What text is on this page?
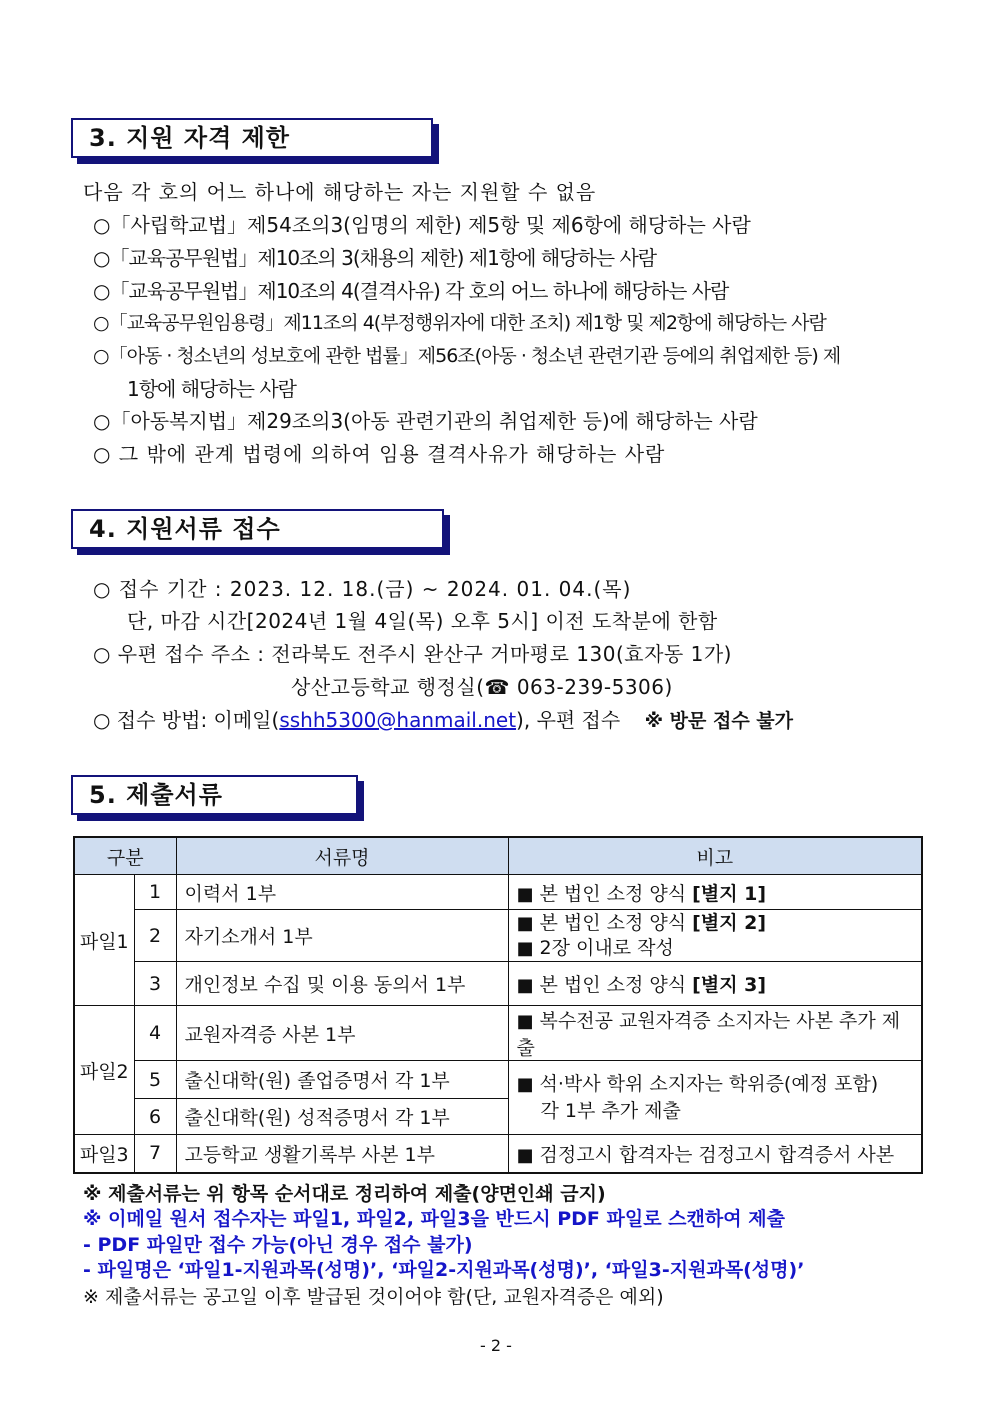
3. 지원 자격 제한
다음 각 호의 어느 하나에 해당하는 자는 지원할 수 없음
○「사립학교법」제54조의3(임명의 제한) 제5항 및 제6항에 해당하는 사람
○「교육공무원법」제10조의 3(채용의 제한) 제1항에 해당하는 사람
○「교육공무원법」제10조의 4(결격사유) 각 호의 어느 하나에 해당하는 사람
○「교육공무원임용령」제11조의 4(부정행위자에 대한 조치) 제1항 및 제2항에 해당하는 사람
○「아동 · 청소년의 성보호에 관한 법률」제56조(아동 · 청소년 관련기관 등에의 취업제한 등) 제
1항에 해당하는 사람
○「아동복지법」제29조의3(아동 관련기관의 취업제한 등)에 해당하는 사람
○ 그 밖에 관계 법령에 의하여 임용 결격사유가 해당하는 사람
4. 지원서류 접수
○ 접수 기간 : 2023. 12. 18.(금) ~ 2024. 01. 04.(목)
단, 마감 시간[2024년 1월 4일(목) 오후 5시] 이전 도착분에 한함
○ 우편 접수 주소 : 전라북도 전주시 완산구 거마평로 130(효자동 1가)
상산고등학교 행정실(☎ 063-239-5306)
○ 접수 방법: 이메일(sshh5300@hanmail.net), 우편 접수 ※ 방문 접수 불가
5. 제출서류
구분		서류명	비고
파일1	1	이력서 1부	■ 본 법인 소정 양식 [별지 1]
	2	자기소개서 1부	■ 본 법인 소정 양식 [별지 2]
■ 2장 이내로 작성
	3	개인정보 수집 및 이용 동의서 1부	■ 본 법인 소정 양식 [별지 3]
파일2	4	교원자격증 사본 1부	■ 복수전공 교원자격증 소지자는 사본 추가 제출
	5	출신대학(원) 졸업증명서 각 1부	■ 석·박사 학위 소지자는 학위증(예정 포함)
각 1부 추가 제출
	6	출신대학(원) 성적증명서 각 1부	
파일3	7	고등학교 생활기록부 사본 1부	■ 검정고시 합격자는 검정고시 합격증서 사본
※ 제출서류는 위 항목 순서대로 정리하여 제출(양면인쇄 금지)
※ 이메일 원서 접수자는 파일1, 파일2, 파일3을 반드시 PDF 파일로 스캔하여 제출
- PDF 파일만 접수 가능(아닌 경우 접수 불가)
- 파일명은 ‘파일1-지원과목(성명)’, ‘파일2-지원과목(성명)’, ‘파일3-지원과목(성명)’
※ 제출서류는 공고일 이후 발급된 것이어야 함(단, 교원자격증은 예외)
- 2 -
